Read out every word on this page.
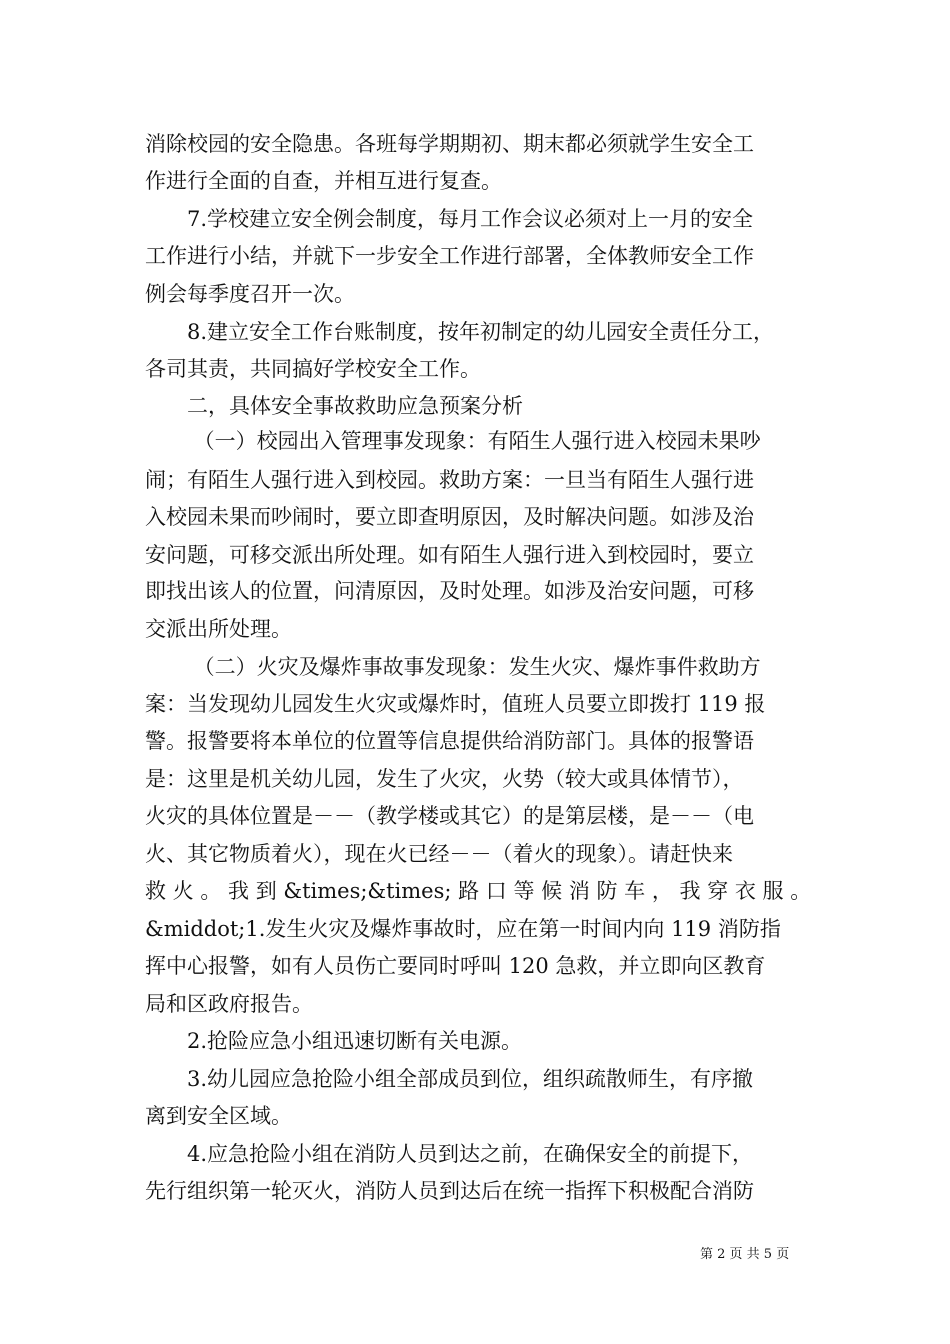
消除校园的安全隐患。各班每学期期初、期末都必须就学生安全工
作进行全面的自查，并相互进行复查。
　　7.学校建立安全例会制度，每月工作会议必须对上一月的安全
工作进行小结，并就下一步安全工作进行部署，全体教师安全工作
例会每季度召开一次。
　　8.建立安全工作台账制度，按年初制定的幼儿园安全责任分工，
各司其责，共同搞好学校安全工作。
　　二，具体安全事故救助应急预案分析
　　 （一）校园出入管理事发现象：有陌生人强行进入校园未果吵
闹；有陌生人强行进入到校园。救助方案：一旦当有陌生人强行进
入校园未果而吵闹时，要立即查明原因，及时解决问题。如涉及治
安问题，可移交派出所处理。如有陌生人强行进入到校园时，要立
即找出该人的位置，问清原因，及时处理。如涉及治安问题，可移
交派出所处理。
　　 （二）火灾及爆炸事故事发现象：发生火灾、爆炸事件救助方
案：当发现幼儿园发生火灾或爆炸时，值班人员要立即拨打 119 报
警。报警要将本单位的位置等信息提供给消防部门。具体的报警语
是：这里是机关幼儿园，发生了火灾，火势（较大或具体情节），
火灾的具体位置是－－（教学楼或其它）的是第层楼，是－－（电
火、其它物质着火），现在火已经－－（着火的现象）。请赶快来
救 火 。 我 到 &times;&times; 路 口 等 候 消 防 车 ， 我 穿 衣 服 。
&middot;1.发生火灾及爆炸事故时，应在第一时间内向 119 消防指
挥中心报警，如有人员伤亡要同时呼叫 120 急救，并立即向区教育
局和区政府报告。
　　2.抢险应急小组迅速切断有关电源。
　　3.幼儿园应急抢险小组全部成员到位，组织疏散师生，有序撤
离到安全区域。
　　4.应急抢险小组在消防人员到达之前，在确保安全的前提下，
先行组织第一轮灭火，消防人员到达后在统一指挥下积极配合消防
第 2 页 共 5 页
